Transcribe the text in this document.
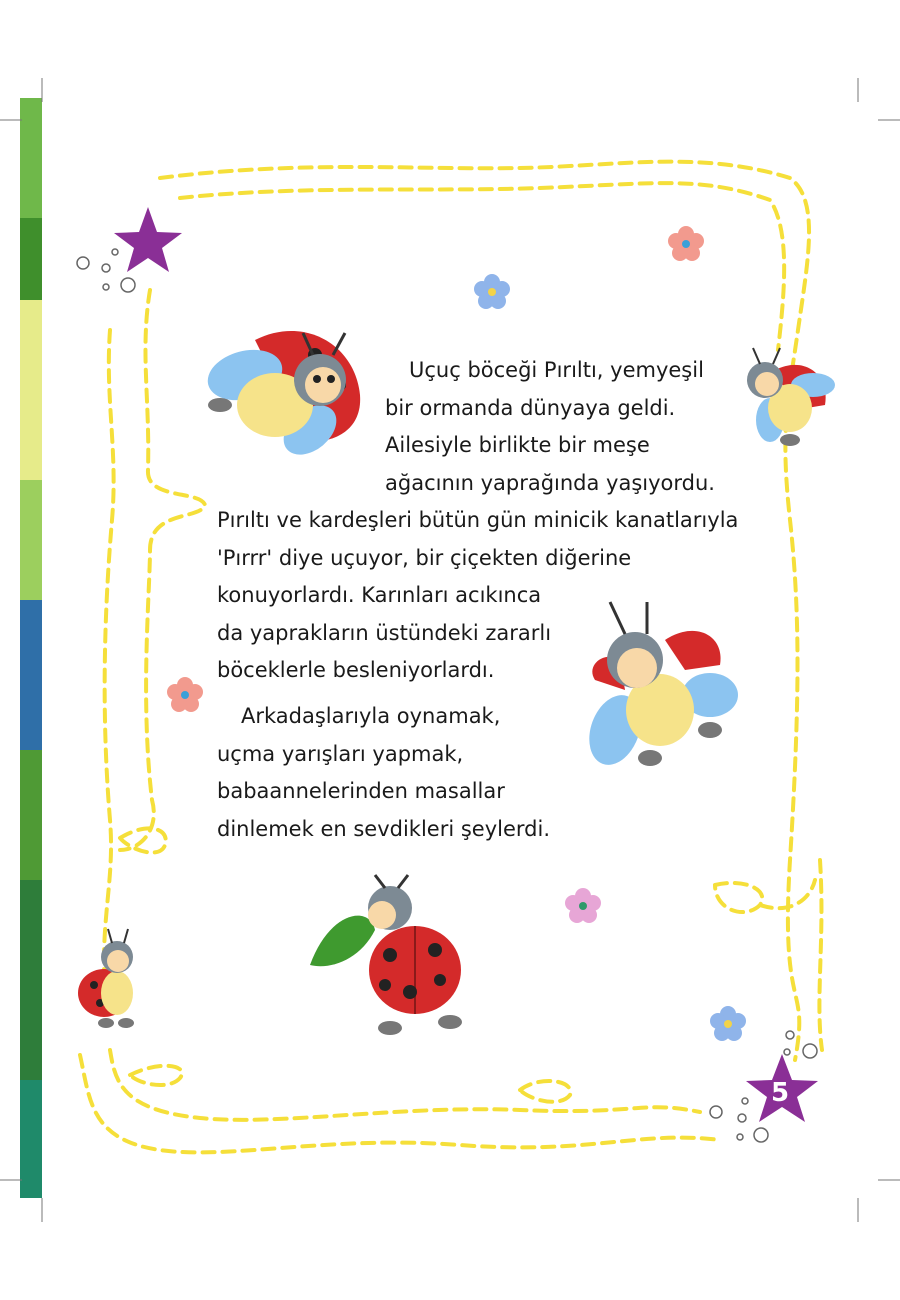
Uçuç böceği Pırıltı, yemyeşil
bir ormanda dünyaya geldi.
Ailesiyle birlikte bir meşe
ağacının yaprağında yaşıyordu.
Pırıltı ve kardeşleri bütün gün minicik kanatlarıyla
'Pırrr' diye uçuyor, bir çiçekten diğerine
konuyorlardı. Karınları acıkınca
da yaprakların üstündeki zararlı
böceklerle besleniyorlardı.
Arkadaşlarıyla oynamak,
uçma yarışları yapmak,
babaannelerinden masallar
dinlemek en sevdikleri şeylerdi.
5
